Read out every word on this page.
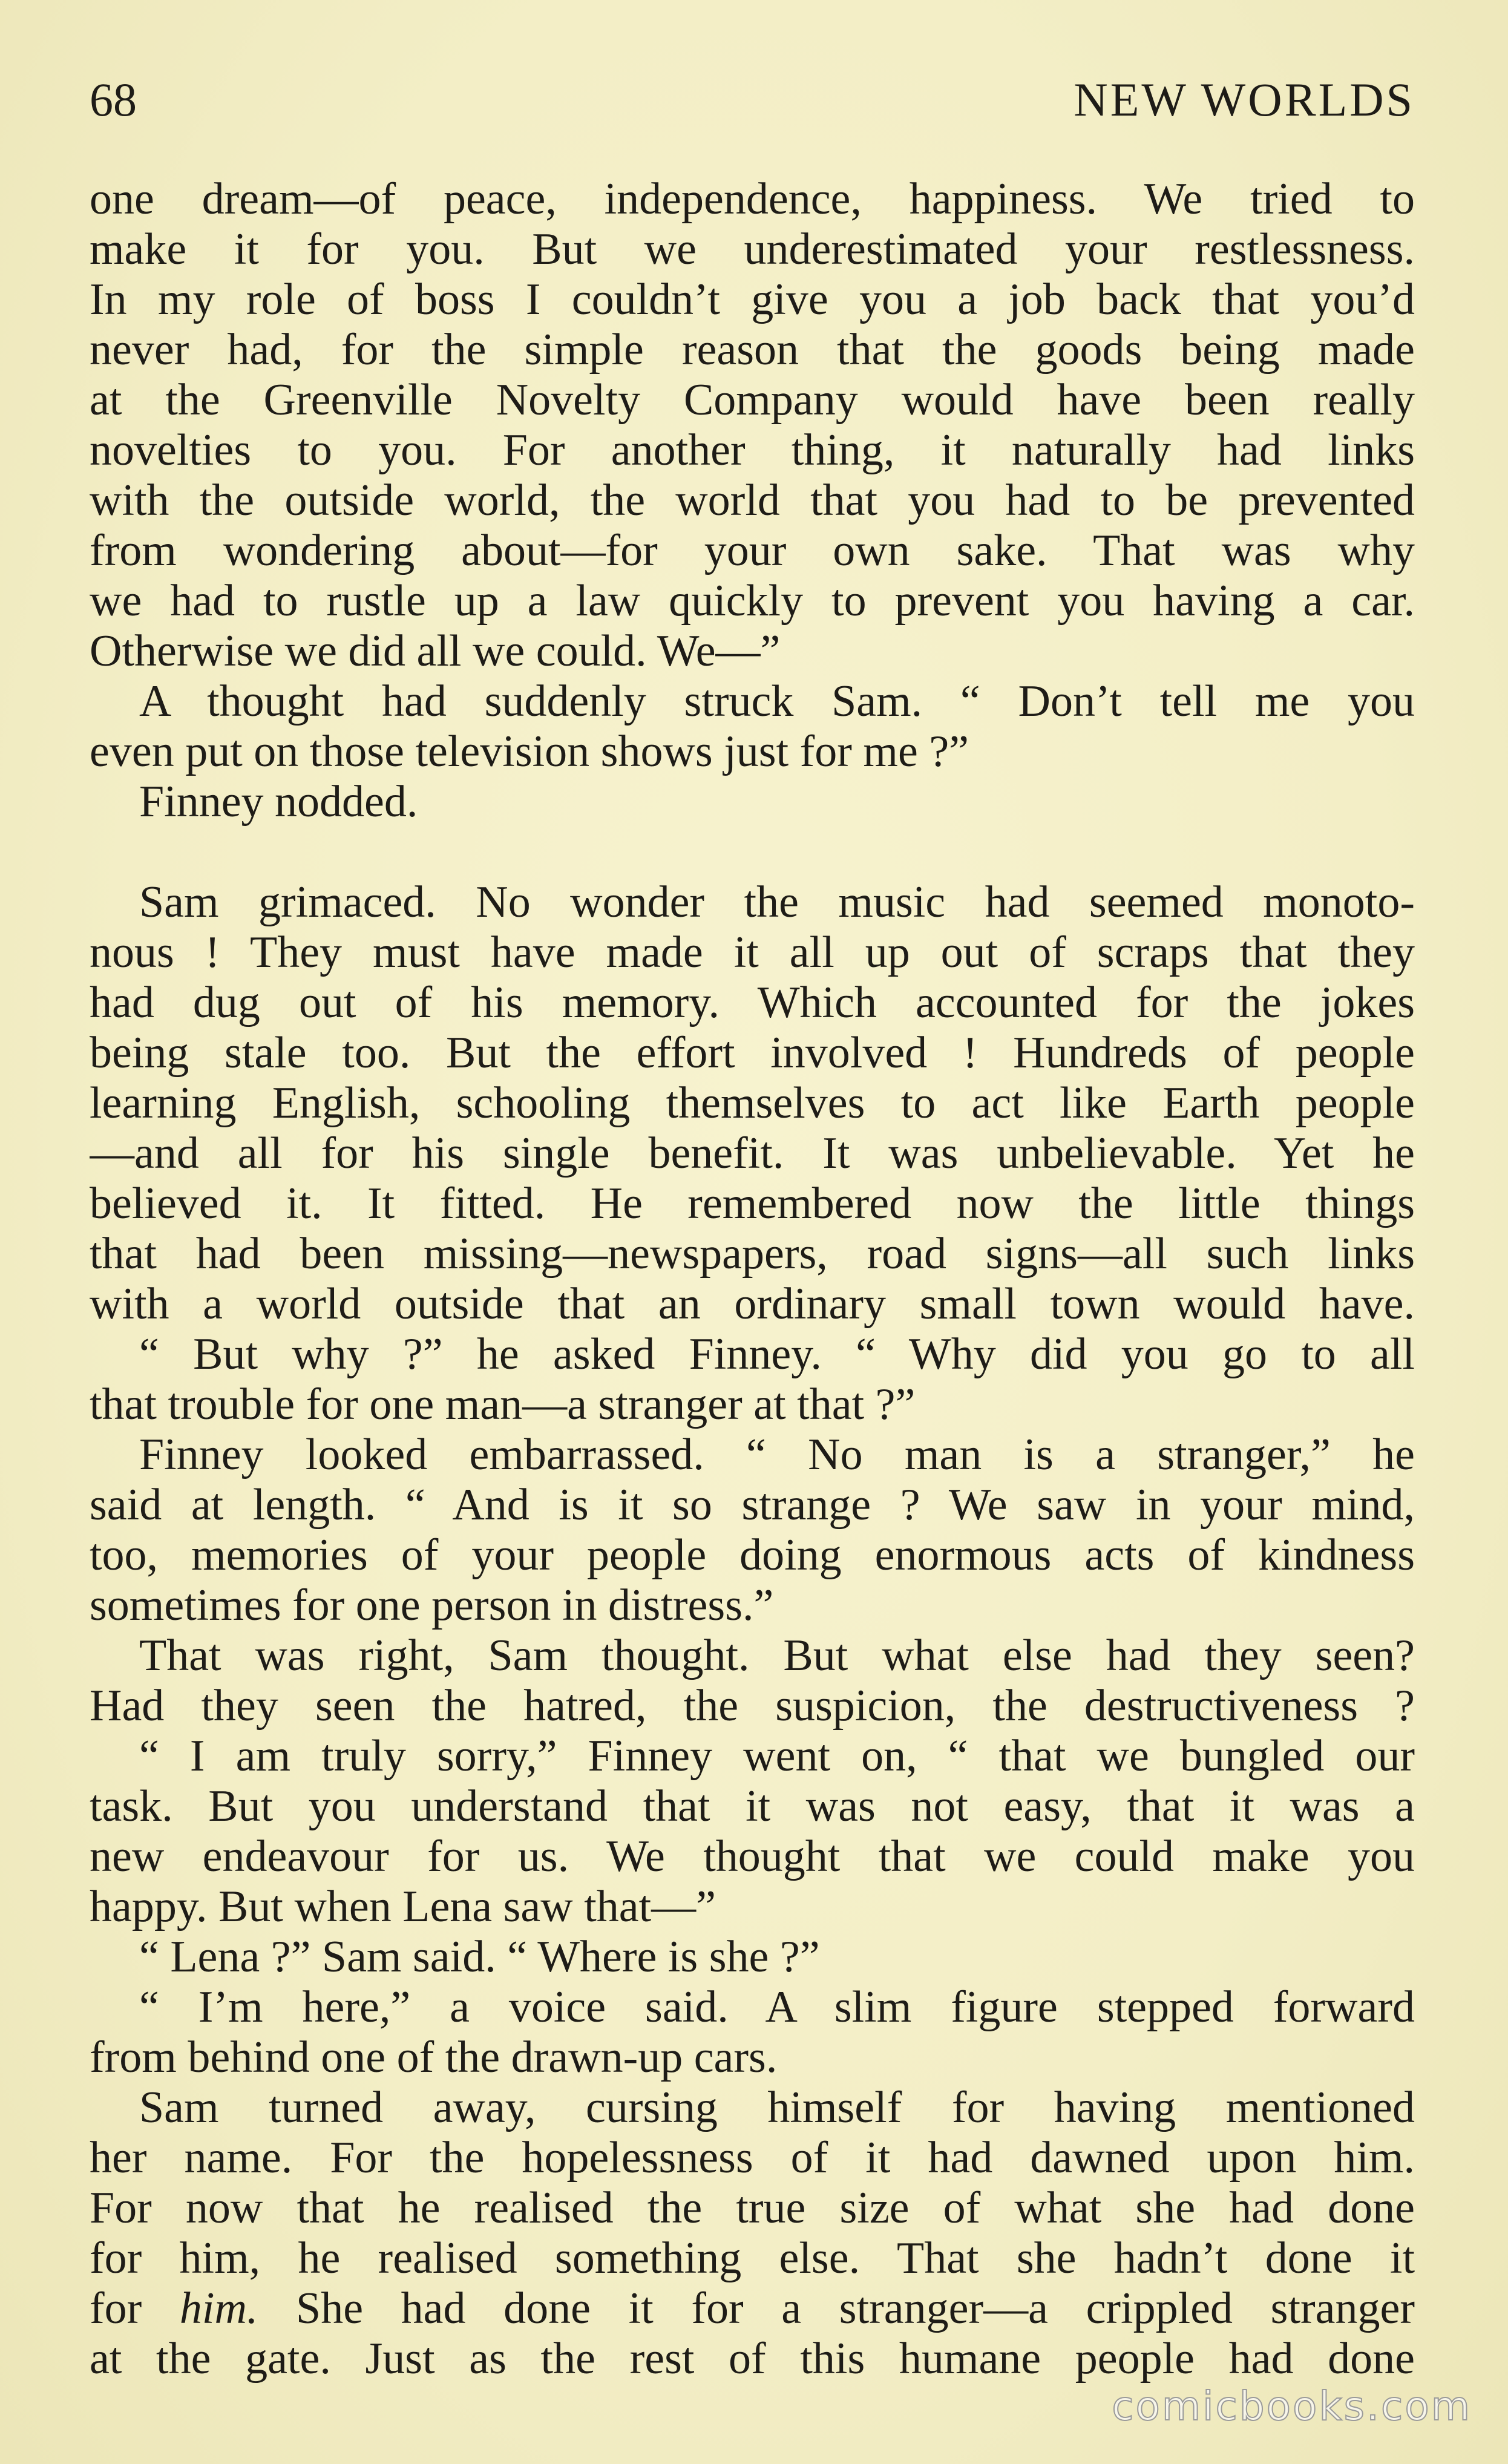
68	NEW WORLDS
one dream—of peace, independence, happiness. We tried to
make it for you. But we underestimated your restlessness.
In my role of boss I couldn’t give you a job back that you’d
never had, for the simple reason that the goods being made
at the Greenville Novelty Company would have been really
novelties to you. For another thing, it naturally had links
with the outside world, the world that you had to be prevented
from wondering about—for your own sake. That was why
we had to rustle up a law quickly to prevent you having a car.
Otherwise we did all we could. We—”
A thought had suddenly struck Sam. “ Don’t tell me you
even put on those television shows just for me ?”
Finney nodded.
Sam grimaced. No wonder the music had seemed monoto-
nous ! They must have made it all up out of scraps that they
had dug out of his memory. Which accounted for the jokes
being stale too. But the effort involved ! Hundreds of people
learning English, schooling themselves to act like Earth people
—and all for his single benefit. It was unbelievable. Yet he
believed it. It fitted. He remembered now the little things
that had been missing—newspapers, road signs—all such links
with a world outside that an ordinary small town would have.
“ But why ?” he asked Finney. “ Why did you go to all
that trouble for one man—a stranger at that ?”
Finney looked embarrassed. “ No man is a stranger,” he
said at length. “ And is it so strange ? We saw in your mind,
too, memories of your people doing enormous acts of kindness
sometimes for one person in distress.”
That was right, Sam thought. But what else had they seen?
Had they seen the hatred, the suspicion, the destructiveness ?
“ I am truly sorry,” Finney went on, “ that we bungled our
task. But you understand that it was not easy, that it was a
new endeavour for us. We thought that we could make you
happy. But when Lena saw that—”
“ Lena ?” Sam said. “ Where is she ?”
“ I’m here,” a voice said. A slim figure stepped forward
from behind one of the drawn-up cars.
Sam turned away, cursing himself for having mentioned
her name. For the hopelessness of it had dawned upon him.
For now that he realised the true size of what she had done
for him, he realised something else. That she hadn’t done it
for him. She had done it for a stranger—a crippled stranger
at the gate. Just as the rest of this humane people had done
comicbooks.com
